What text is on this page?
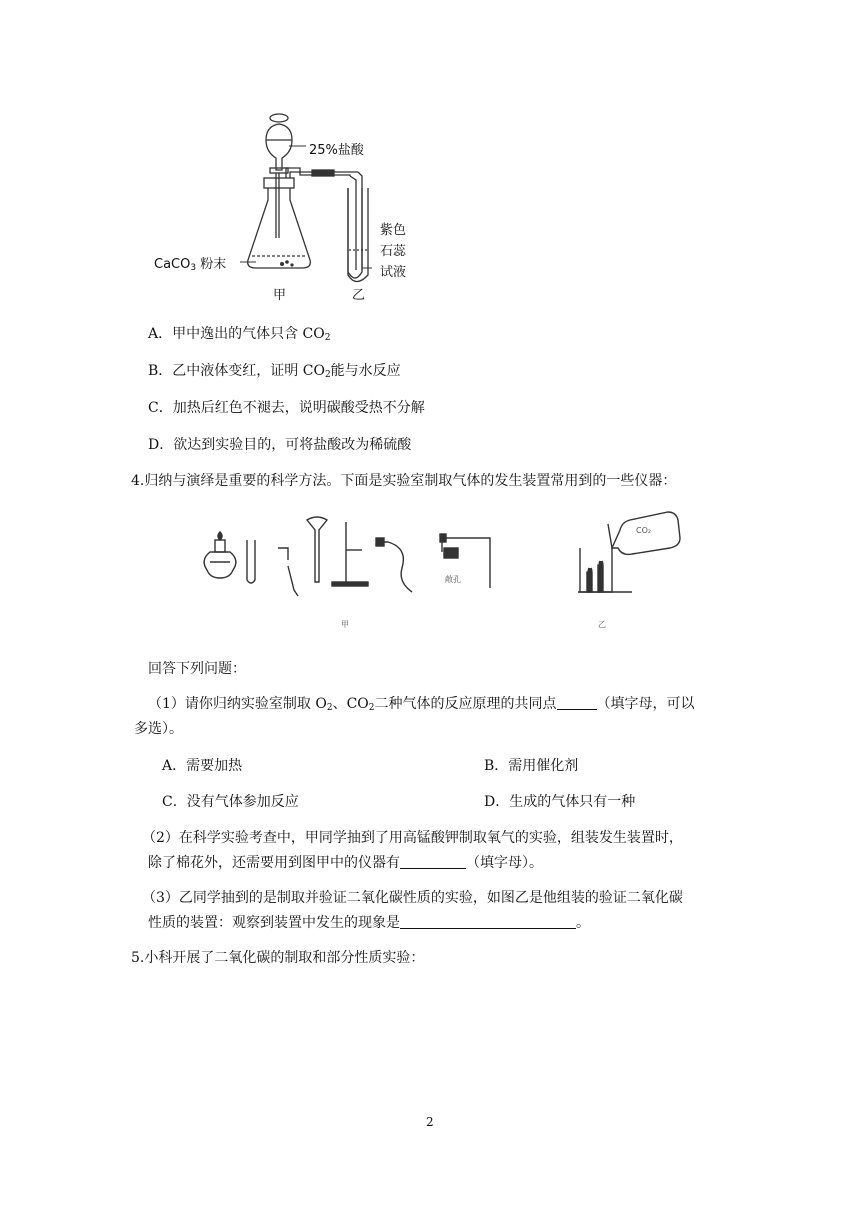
25%盐酸
CaCO$_3$ 粉末
紫色
石蕊
试液
甲	乙
A．甲中逸出的气体只含 $CO_2$
B．乙中液体变红，证明 $CO_2$能与水反应
C．加热后红色不褪去，说明碳酸受热不分解
D．欲达到实验目的，可将盐酸改为稀硫酸
4.归纳与演绎是重要的科学方法。下面是实验室制取气体的发生装置常用到的一些仪器：
敞孔
CO₂
甲	乙
回答下列问题：
（1）请你归纳实验室制取 $O_2$、$CO_2$二种气体的反应原理的共同点	（填字母，可以
多选）。
A．需要加热	B．需用催化剂
C．没有气体参加反应	D．生成的气体只有一种
（2）在科学实验考查中，甲同学抽到了用高锰酸钾制取氧气的实验，组装发生装置时，
除了棉花外，还需要用到图甲中的仪器有	（填字母）。
（3）乙同学抽到的是制取并验证二氧化碳性质的实验，如图乙是他组装的验证二氧化碳
性质的装置：观察到装置中发生的现象是	。
5.小科开展了二氧化碳的制取和部分性质实验：
2
